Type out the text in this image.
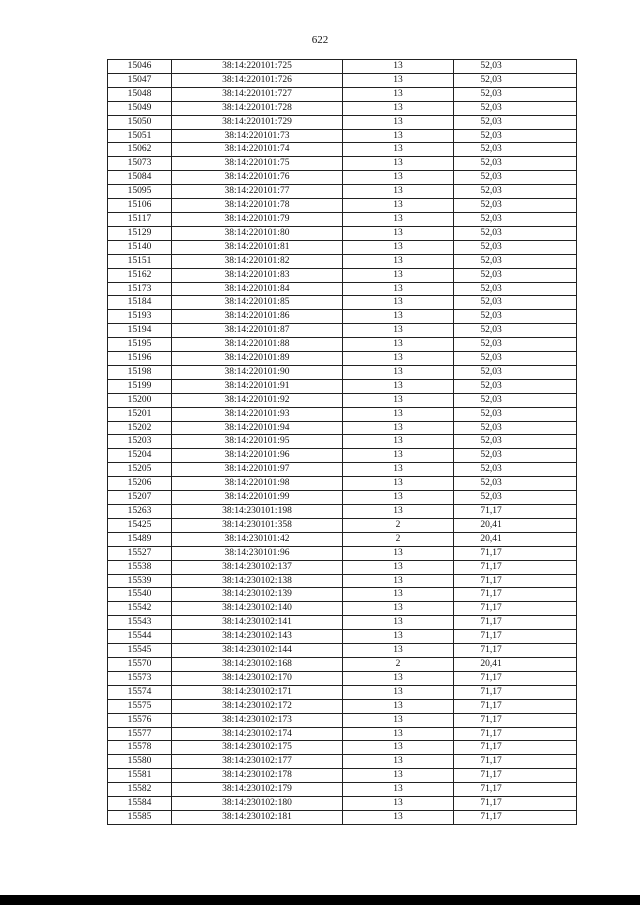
622
15046	38:14:220101:725	13	52,03
15047	38:14:220101:726	13	52,03
15048	38:14:220101:727	13	52,03
15049	38:14:220101:728	13	52,03
15050	38:14:220101:729	13	52,03
15051	38:14:220101:73	13	52,03
15062	38:14:220101:74	13	52,03
15073	38:14:220101:75	13	52,03
15084	38:14:220101:76	13	52,03
15095	38:14:220101:77	13	52,03
15106	38:14:220101:78	13	52,03
15117	38:14:220101:79	13	52,03
15129	38:14:220101:80	13	52,03
15140	38:14:220101:81	13	52,03
15151	38:14:220101:82	13	52,03
15162	38:14:220101:83	13	52,03
15173	38:14:220101:84	13	52,03
15184	38:14:220101:85	13	52,03
15193	38:14:220101:86	13	52,03
15194	38:14:220101:87	13	52,03
15195	38:14:220101:88	13	52,03
15196	38:14:220101:89	13	52,03
15198	38:14:220101:90	13	52,03
15199	38:14:220101:91	13	52,03
15200	38:14:220101:92	13	52,03
15201	38:14:220101:93	13	52,03
15202	38:14:220101:94	13	52,03
15203	38:14:220101:95	13	52,03
15204	38:14:220101:96	13	52,03
15205	38:14:220101:97	13	52,03
15206	38:14:220101:98	13	52,03
15207	38:14:220101:99	13	52,03
15263	38:14:230101:198	13	71,17
15425	38:14:230101:358	2	20,41
15489	38:14:230101:42	2	20,41
15527	38:14:230101:96	13	71,17
15538	38:14:230102:137	13	71,17
15539	38:14:230102:138	13	71,17
15540	38:14:230102:139	13	71,17
15542	38:14:230102:140	13	71,17
15543	38:14:230102:141	13	71,17
15544	38:14:230102:143	13	71,17
15545	38:14:230102:144	13	71,17
15570	38:14:230102:168	2	20,41
15573	38:14:230102:170	13	71,17
15574	38:14:230102:171	13	71,17
15575	38:14:230102:172	13	71,17
15576	38:14:230102:173	13	71,17
15577	38:14:230102:174	13	71,17
15578	38:14:230102:175	13	71,17
15580	38:14:230102:177	13	71,17
15581	38:14:230102:178	13	71,17
15582	38:14:230102:179	13	71,17
15584	38:14:230102:180	13	71,17
15585	38:14:230102:181	13	71,17
